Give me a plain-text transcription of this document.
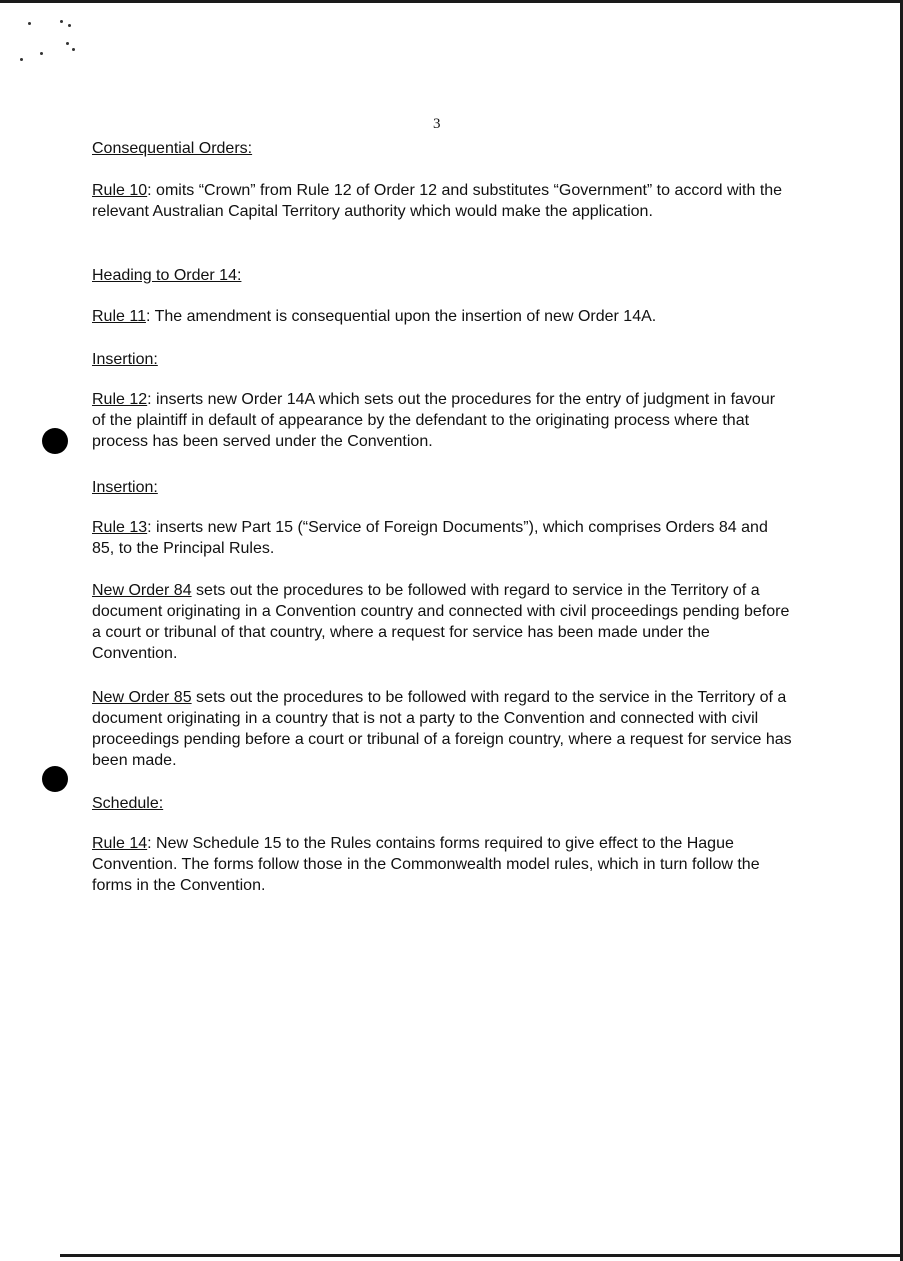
3
Consequential Orders:
Rule 10: omits “Crown” from Rule 12 of Order 12 and substitutes “Government” to accord with the relevant Australian Capital Territory authority which would make the application.
Heading to Order 14:
Rule 11: The amendment is consequential upon the insertion of new Order 14A.
Insertion:
Rule 12: inserts new Order 14A which sets out the procedures for the entry of judgment in favour of the plaintiff in default of appearance by the defendant to the originating process where that process has been served under the Convention.
Insertion:
Rule 13: inserts new Part 15 (“Service of Foreign Documents”), which comprises Orders 84 and 85, to the Principal Rules.
New Order 84 sets out the procedures to be followed with regard to service in the Territory of a document originating in a Convention country and connected with civil proceedings pending before a court or tribunal of that country, where a request for service has been made under the Convention.
New Order 85 sets out the procedures to be followed with regard to the service in the Territory of a document originating in a country that is not a party to the Convention and connected with civil proceedings pending before a court or tribunal of a foreign country, where a request for service has been made.
Schedule:
Rule 14: New Schedule 15 to the Rules contains forms required to give effect to the Hague Convention. The forms follow those in the Commonwealth model rules, which in turn follow the forms in the Convention.
